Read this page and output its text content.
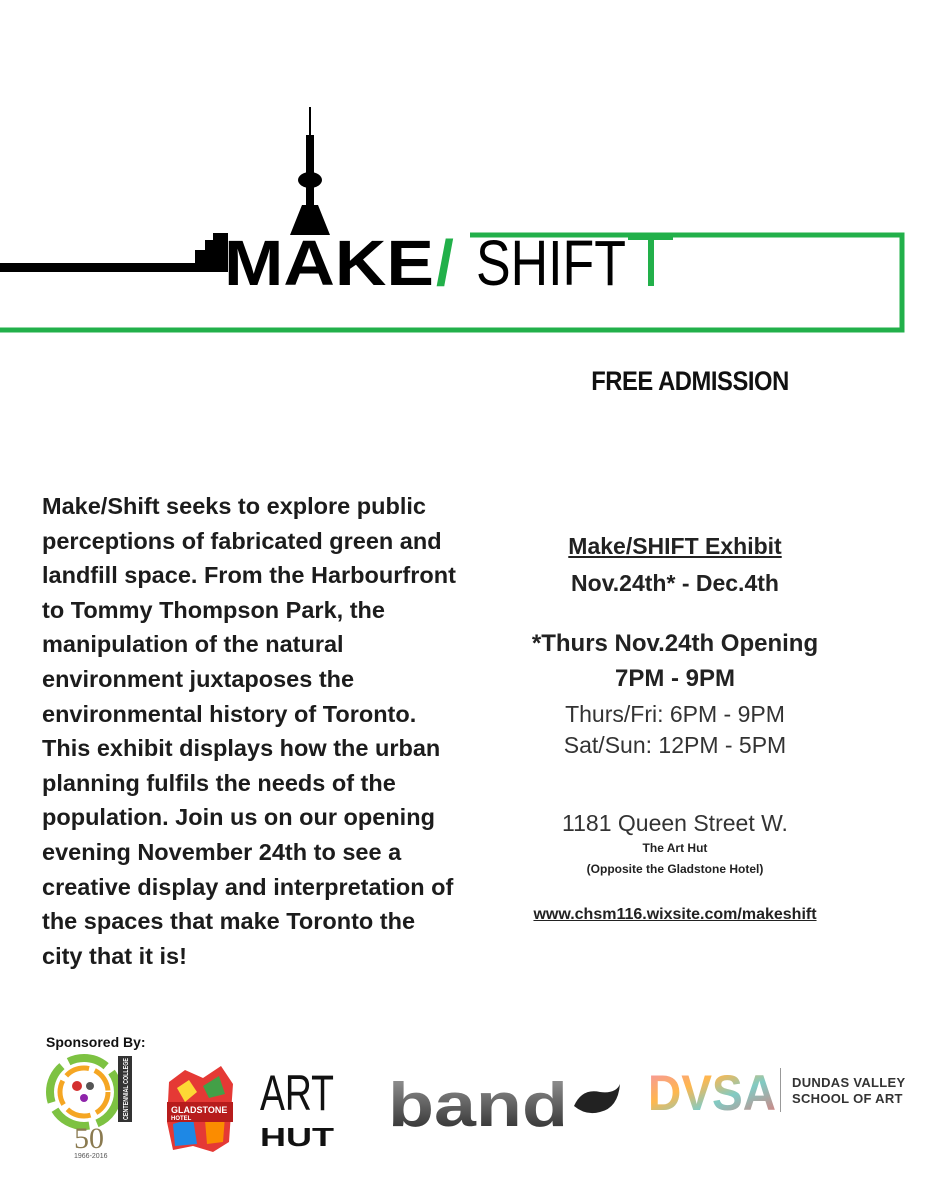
MAKE / SHIFT
FREE ADMISSION
Make/Shift seeks to explore public perceptions of fabricated green and landfill space. From the Harbourfront to Tommy Thompson Park, the manipulation of the natural environment juxtaposes the environmental history of Toronto. This exhibit displays how the urban planning fulfils the needs of the population. Join us on our opening evening November 24th to see a creative display and interpretation of the spaces that make Toronto the city that it is!
Make/SHIFT Exhibit
Nov.24th* - Dec.4th
*Thurs Nov.24th Opening
7PM - 9PM
Thurs/Fri: 6PM - 9PM
Sat/Sun: 12PM - 5PM
1181 Queen Street W.
The Art Hut
(Opposite the Gladstone Hotel)
www.chsm116.wixsite.com/makeshift
Sponsored By:
CENTENNIAL COLLEGE
50
1966-2016
GLADSTONE
HOTEL ART
HUT band DVSA DUNDAS VALLEY
SCHOOL OF ART
